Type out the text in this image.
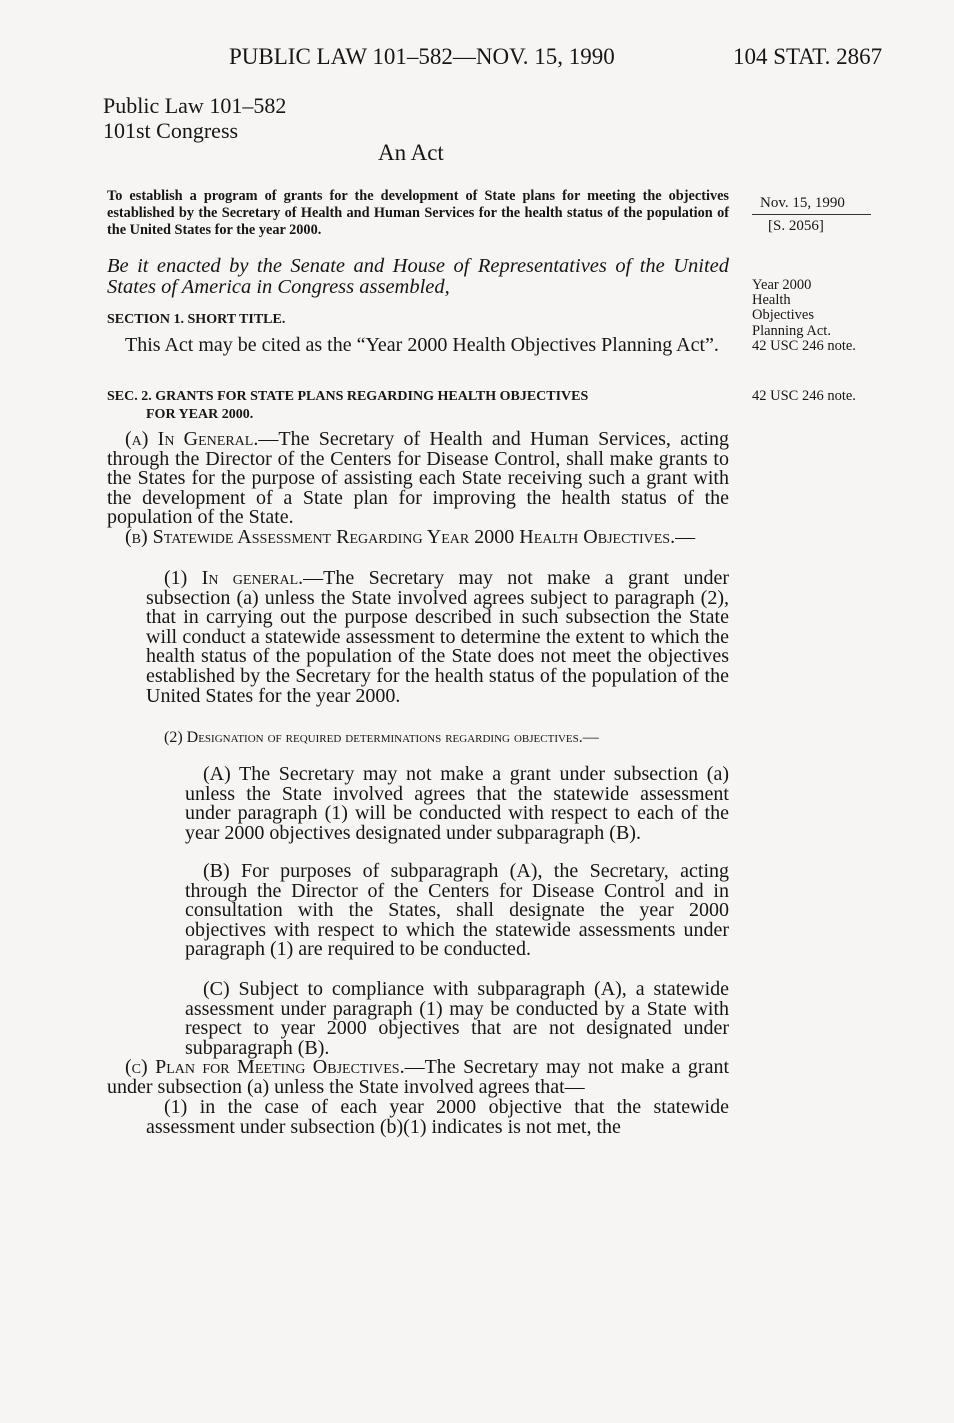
PUBLIC LAW 101–582—NOV. 15, 1990	104 STAT. 2867
Public Law 101–582
101st Congress
An Act
To establish a program of grants for the development of State plans for meeting the objectives established by the Secretary of Health and Human Services for the health status of the population of the United States for the year 2000.
Nov. 15, 1990
[S. 2056]
Be it enacted by the Senate and House of Representatives of the United States of America in Congress assembled,	Year 2000
Health
Objectives
Planning Act.
42 USC 246 note.
SECTION 1. SHORT TITLE.

This Act may be cited as the “Year 2000 Health Objectives Planning Act”.

SEC. 2. GRANTS FOR STATE PLANS REGARDING HEALTH OBJECTIVES
FOR YEAR 2000.
42 USC 246 note.

(a) In General.—The Secretary of Health and Human Services, acting through the Director of the Centers for Disease Control, shall make grants to the States for the purpose of assisting each State receiving such a grant with the development of a State plan for improving the health status of the population of the State.

(b) Statewide Assessment Regarding Year 2000 Health Objectives.—

(1) In general.—The Secretary may not make a grant under subsection (a) unless the State involved agrees subject to paragraph (2), that in carrying out the purpose described in such subsection the State will conduct a statewide assessment to determine the extent to which the health status of the population of the State does not meet the objectives established by the Secretary for the health status of the population of the United States for the year 2000.

(2) Designation of required determinations regarding objectives.—

(A) The Secretary may not make a grant under subsection (a) unless the State involved agrees that the statewide assessment under paragraph (1) will be conducted with respect to each of the year 2000 objectives designated under subparagraph (B).

(B) For purposes of subparagraph (A), the Secretary, acting through the Director of the Centers for Disease Control and in consultation with the States, shall designate the year 2000 objectives with respect to which the statewide assessments under paragraph (1) are required to be conducted.

(C) Subject to compliance with subparagraph (A), a statewide assessment under paragraph (1) may be conducted by a State with respect to year 2000 objectives that are not designated under subparagraph (B).

(c) Plan for Meeting Objectives.—The Secretary may not make a grant under subsection (a) unless the State involved agrees that—

(1) in the case of each year 2000 objective that the statewide assessment under subsection (b)(1) indicates is not met, the
